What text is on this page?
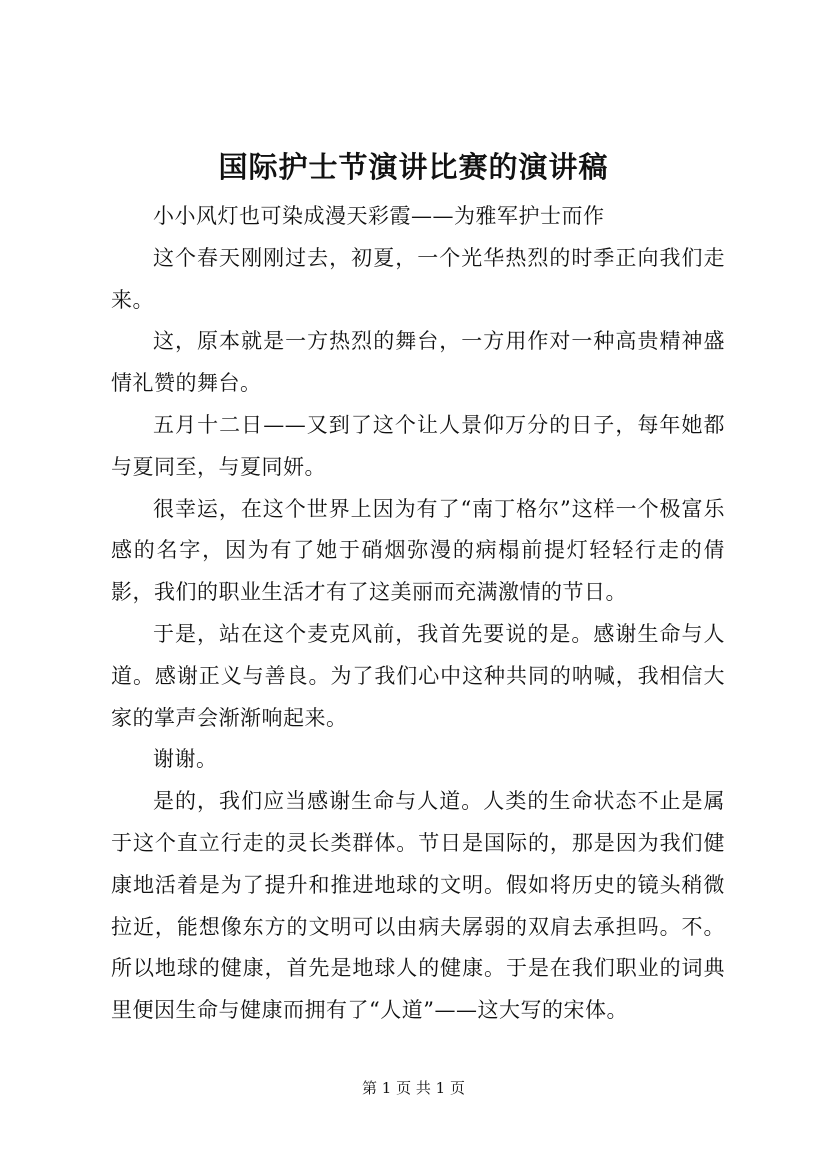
国际护士节演讲比赛的演讲稿

小小风灯也可染成漫天彩霞——为雅军护士而作

这个春天刚刚过去，初夏，一个光华热烈的时季正向我们走来。

这，原本就是一方热烈的舞台，一方用作对一种高贵精神盛情礼赞的舞台。

五月十二日——又到了这个让人景仰万分的日子，每年她都与夏同至，与夏同妍。

很幸运，在这个世界上因为有了“南丁格尔”这样一个极富乐感的名字，因为有了她于硝烟弥漫的病榻前提灯轻轻行走的倩影，我们的职业生活才有了这美丽而充满激情的节日。

于是，站在这个麦克风前，我首先要说的是。感谢生命与人道。感谢正义与善良。为了我们心中这种共同的呐喊，我相信大家的掌声会渐渐响起来。

谢谢。

是的，我们应当感谢生命与人道。人类的生命状态不止是属于这个直立行走的灵长类群体。节日是国际的，那是因为我们健康地活着是为了提升和推进地球的文明。假如将历史的镜头稍微拉近，能想像东方的文明可以由病夫孱弱的双肩去承担吗。不。所以地球的健康，首先是地球人的健康。于是在我们职业的词典里便因生命与健康而拥有了“人道”——这大写的宋体。

第 1 页 共 1 页
